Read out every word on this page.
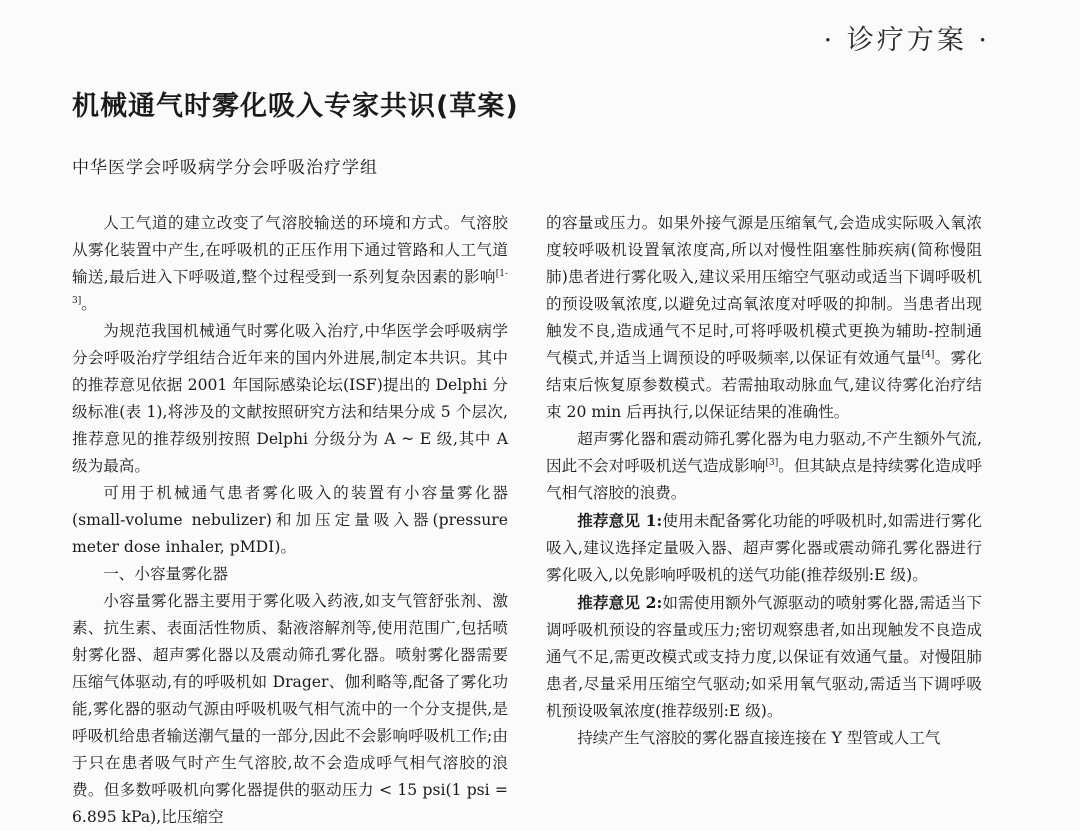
· 诊疗方案 ·
机械通气时雾化吸入专家共识(草案)

中华医学会呼吸病学分会呼吸治疗学组

人工气道的建立改变了气溶胶输送的环境和方式。气溶胶从雾化装置中产生,在呼吸机的正压作用下通过管路和人工气道输送,最后进入下呼吸道,整个过程受到一系列复杂因素的影响[1-3]。

为规范我国机械通气时雾化吸入治疗,中华医学会呼吸病学分会呼吸治疗学组结合近年来的国内外进展,制定本共识。其中的推荐意见依据 2001 年国际感染论坛(ISF)提出的 Delphi 分级标准(表 1),将涉及的文献按照研究方法和结果分成 5 个层次,推荐意见的推荐级别按照 Delphi 分级分为 A ~ E 级,其中 A 级为最高。

可用于机械通气患者雾化吸入的装置有小容量雾化器(small-volume nebulizer)和加压定量吸入器(pressure meter dose inhaler, pMDI)。

一、小容量雾化器

小容量雾化器主要用于雾化吸入药液,如支气管舒张剂、激素、抗生素、表面活性物质、黏液溶解剂等,使用范围广,包括喷射雾化器、超声雾化器以及震动筛孔雾化器。喷射雾化器需要压缩气体驱动,有的呼吸机如 Drager、伽利略等,配备了雾化功能,雾化器的驱动气源由呼吸机吸气相气流中的一个分支提供,是呼吸机给患者输送潮气量的一部分,因此不会影响呼吸机工作;由于只在患者吸气时产生气溶胶,故不会造成呼气相气溶胶的浪费。但多数呼吸机向雾化器提供的驱动压力 < 15 psi(1 psi = 6.895 kPa),比压缩空

的容量或压力。如果外接气源是压缩氧气,会造成实际吸入氧浓度较呼吸机设置氧浓度高,所以对慢性阻塞性肺疾病(简称慢阻肺)患者进行雾化吸入,建议采用压缩空气驱动或适当下调呼吸机的预设吸氧浓度,以避免过高氧浓度对呼吸的抑制。当患者出现触发不良,造成通气不足时,可将呼吸机模式更换为辅助-控制通气模式,并适当上调预设的呼吸频率,以保证有效通气量[4]。雾化结束后恢复原参数模式。若需抽取动脉血气,建议待雾化治疗结束 20 min 后再执行,以保证结果的准确性。

超声雾化器和震动筛孔雾化器为电力驱动,不产生额外气流,因此不会对呼吸机送气造成影响[3]。但其缺点是持续雾化造成呼气相气溶胶的浪费。

推荐意见 1:使用未配备雾化功能的呼吸机时,如需进行雾化吸入,建议选择定量吸入器、超声雾化器或震动筛孔雾化器进行雾化吸入,以免影响呼吸机的送气功能(推荐级别:E 级)。

推荐意见 2:如需使用额外气源驱动的喷射雾化器,需适当下调呼吸机预设的容量或压力;密切观察患者,如出现触发不良造成通气不足,需更改模式或支持力度,以保证有效通气量。对慢阻肺患者,尽量采用压缩空气驱动;如采用氧气驱动,需适当下调呼吸机预设吸氧浓度(推荐级别:E 级)。

持续产生气溶胶的雾化器直接连接在 Y 型管或人工气
